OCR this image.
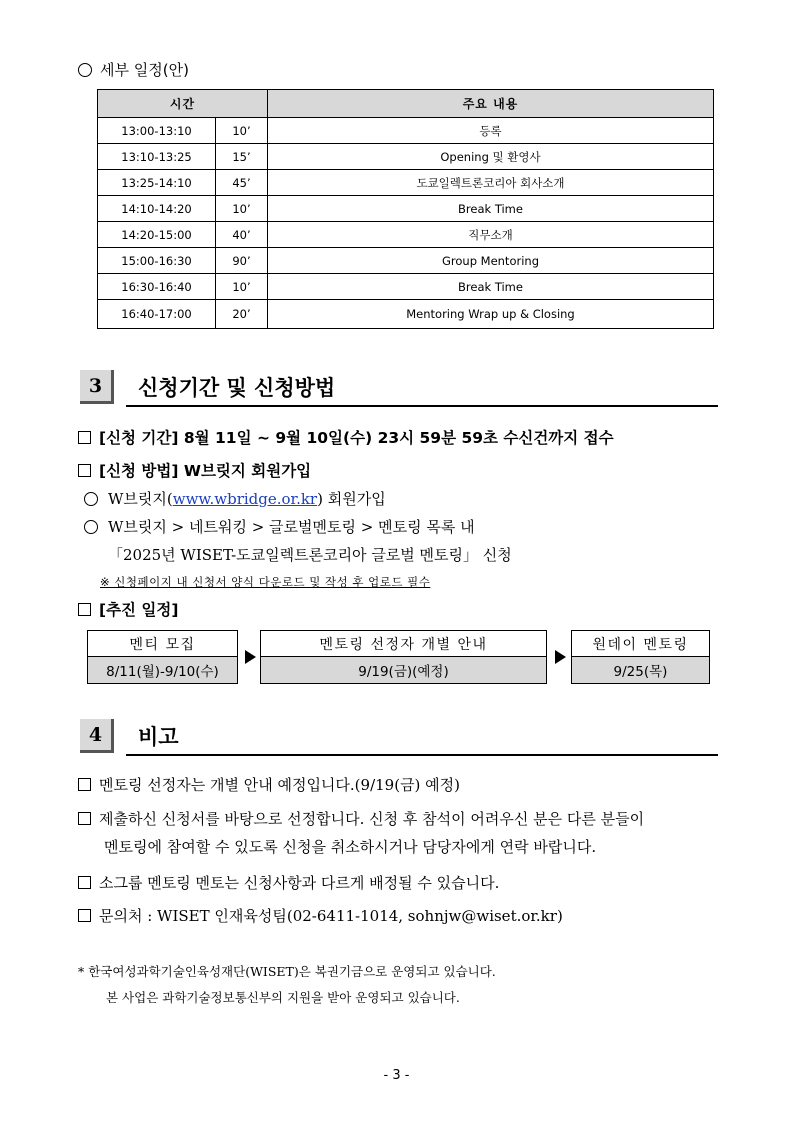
세부 일정(안)
시간		주요 내용
13:00-13:10	10’	등록
13:10-13:25	15’	Opening 및 환영사
13:25-14:10	45’	도쿄일렉트론코리아 회사소개
14:10-14:20	10’	Break Time
14:20-15:00	40’	직무소개
15:00-16:30	90’	Group Mentoring
16:30-16:40	10’	Break Time
16:40-17:00	20’	Mentoring Wrap up & Closing
3	신청기간 및 신청방법
[신청 기간] 8월 11일 ~ 9월 10일(수) 23시 59분 59초 수신건까지 접수
[신청 방법] W브릿지 회원가입
W브릿지(www.wbridge.or.kr) 회원가입
W브릿지 > 네트워킹 > 글로벌멘토링 > 멘토링 목록 내
「2025년 WISET-도쿄일렉트론코리아 글로벌 멘토링」 신청
※ 신청페이지 내 신청서 양식 다운로드 및 작성 후 업로드 필수
[추진 일정]
멘티 모집
8/11(월)-9/10(수)
멘토링 선정자 개별 안내
9/19(금)(예정)
원데이 멘토링
9/25(목)
4	비고
멘토링 선정자는 개별 안내 예정입니다.(9/19(금) 예정)
제출하신 신청서를 바탕으로 선정합니다. 신청 후 참석이 어려우신 분은 다른 분들이
멘토링에 참여할 수 있도록 신청을 취소하시거나 담당자에게 연락 바랍니다.
소그룹 멘토링 멘토는 신청사항과 다르게 배정될 수 있습니다.
문의처 : WISET 인재육성팀(02-6411-1014, sohnjw@wiset.or.kr)
* 한국여성과학기술인육성재단(WISET)은 복권기금으로 운영되고 있습니다.
본 사업은 과학기술정보통신부의 지원을 받아 운영되고 있습니다.
- 3 -
